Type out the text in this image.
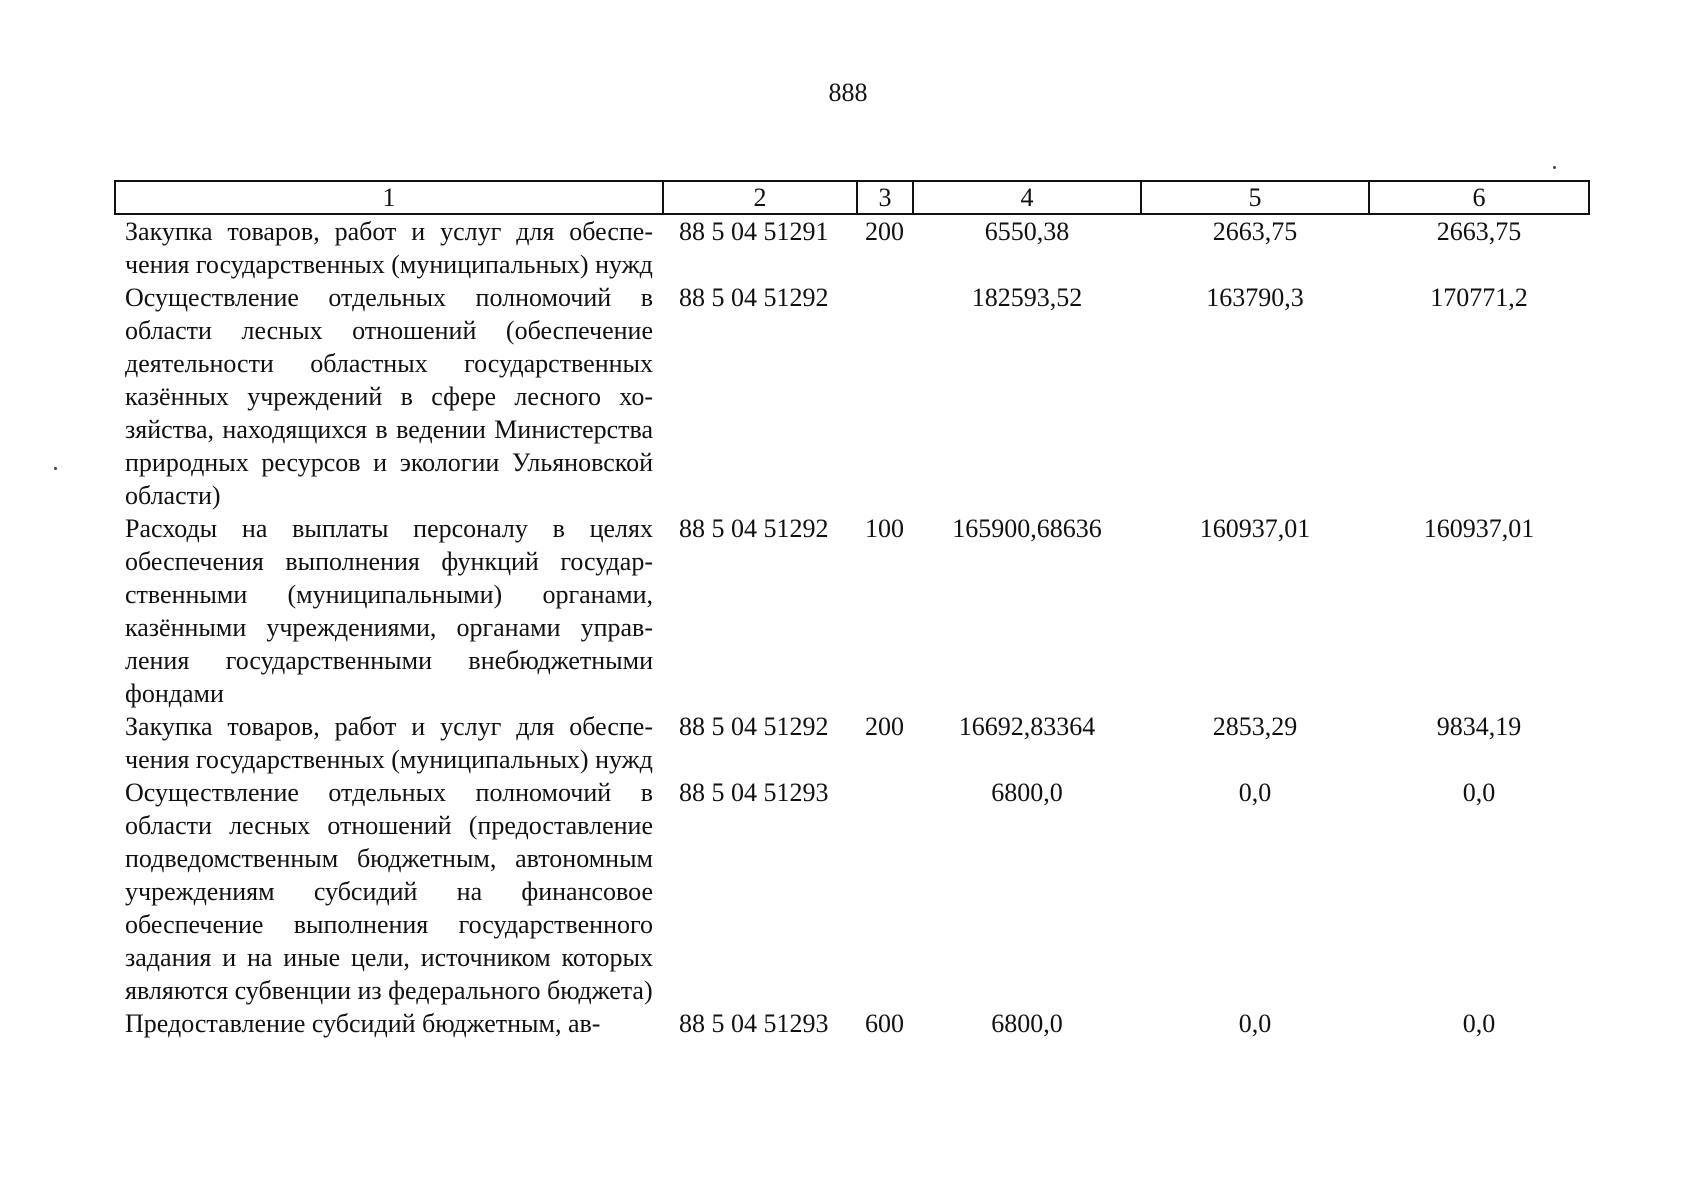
888
1	2	3	4	5	6
Закупка товаров, работ и услуг для обеспечения государственных (муниципальных) нужд	88 5 04 51291	200	6550,38	2663,75	2663,75
Осуществление отдельных полномочий в области лесных отношений (обеспечение деятельности областных государственных казённых учреждений в сфере лесного хозяйства, находящихся в ведении Министерства природных ресурсов и экологии Ульяновской области)	88 5 04 51292		182593,52	163790,3	170771,2
Расходы на выплаты персоналу в целях обеспечения выполнения функций государственными (муниципальными) органами, казёнными учреждениями, органами управления государственными внебюджетными фондами	88 5 04 51292	100	165900,68636	160937,01	160937,01
Закупка товаров, работ и услуг для обеспечения государственных (муниципальных) нужд	88 5 04 51292	200	16692,83364	2853,29	9834,19
Осуществление отдельных полномочий в области лесных отношений (предоставление подведомственным бюджетным, автономным учреждениям субсидий на финансовое обеспечение выполнения государственного задания и на иные цели, источником которых являются субвенции из федерального бюджета)	88 5 04 51293		6800,0	0,0	0,0
Предоставление субсидий бюджетным, ав-	88 5 04 51293	600	6800,0	0,0	0,0
